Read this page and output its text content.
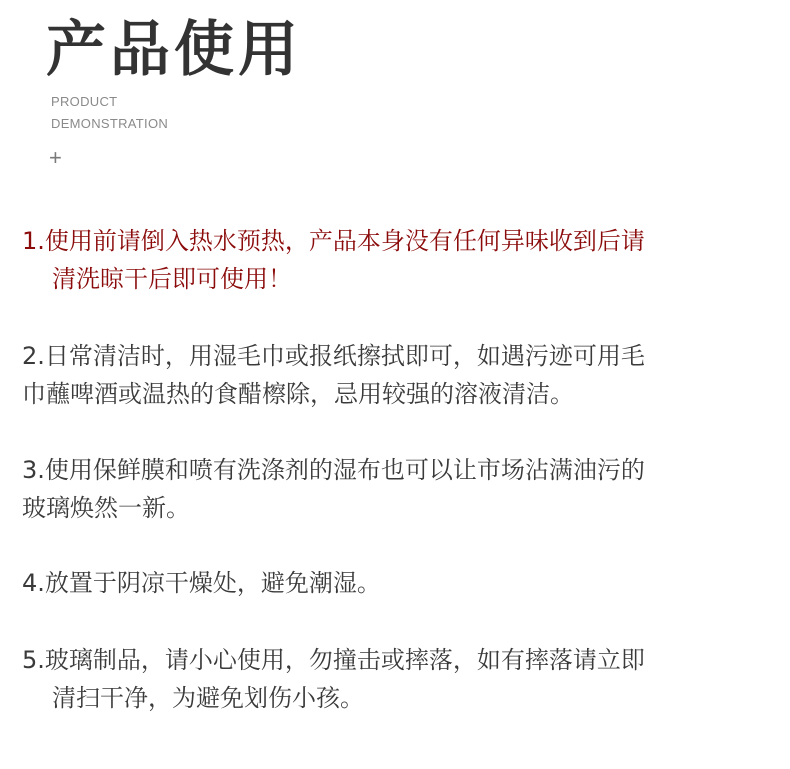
产品使用
PRODUCT
DEMONSTRATION
+
1.使用前请倒入热水预热，产品本身没有任何异味收到后请
清洗晾干后即可使用！
2.日常清洁时，用湿毛巾或报纸擦拭即可，如遇污迹可用毛
巾蘸啤酒或温热的食醋檫除，忌用较强的溶液清洁。
3.使用保鲜膜和喷有洗涤剂的湿布也可以让市场沾满油污的
玻璃焕然一新。
4.放置于阴凉干燥处，避免潮湿。
5.玻璃制品，请小心使用，勿撞击或摔落，如有摔落请立即
清扫干净，为避免划伤小孩。
